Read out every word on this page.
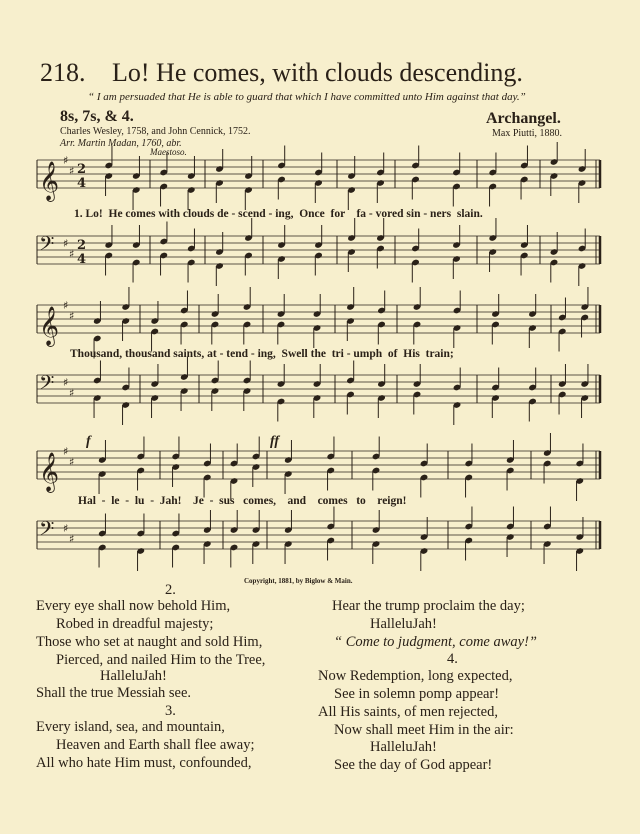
218. Lo! He comes, with clouds descending.
“ I am persuaded that He is able to guard that which I have committed unto Him against that day.”
8s, 7s, & 4.	Archangel.
Charles Wesley, 1758, and John Cennick, 1752.
Arr. Martin Madan, 1760, abr.
Max Piutti, 1880.
Maestoso.
𝄞
♯
♯ 2
4
𝄢 ♯
♯
2
4
𝄞
♯
♯
𝄢 ♯
♯
𝄞
♯
♯
𝄢 ♯
♯
1. Lo!  He comes with clouds de - scend - ing,  Once  for    fa - vored sin - ners  slain.
Thousand, thousand saints, at - tend - ing,  Swell the  tri - umph  of  His  train;
Hal  -  le  -  lu  -  Jah!    Je  -  sus   comes,    and    comes   to    reign!
f	ff
Copyright, 1881, by Biglow & Main.
2.
Every eye shall now behold Him,
Robed in dreadful majesty;
Those who set at naught and sold Him,
Pierced, and nailed Him to the Tree,
HalleluJah!
Shall the true Messiah see.
3.
Every island, sea, and mountain,
Heaven and Earth shall flee away;
All who hate Him must, confounded,
Hear the trump proclaim the day;
HalleluJah!
“ Come to judgment, come away!”
4.
Now Redemption, long expected,
See in solemn pomp appear!
All His saints, of men rejected,
Now shall meet Him in the air:
HalleluJah!
See the day of God appear!
